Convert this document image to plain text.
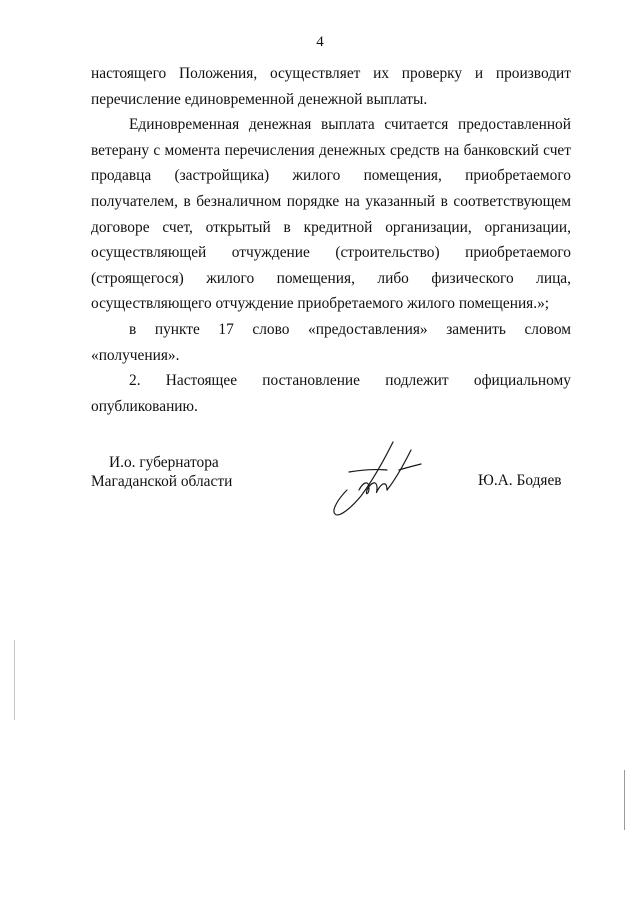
4

настоящего Положения, осуществляет их проверку и производит

перечисление единовременной денежной выплаты.

Единовременная денежная выплата считается предоставленной ветерану с момента перечисления денежных средств на банковский счет продавца (застройщика) жилого помещения, приобретаемого получателем, в безналичном порядке на указанный в соответствующем договоре счет, открытый в кредитной организации, организации, осуществляющей отчуждение (строительство) приобретаемого (строящегося) жилого помещения, либо физического лица, осуществляющего отчуждение приобретаемого жилого помещения.»;

в пункте 17 слово «предоставления» заменить словом «получения».

2. Настоящее постановление подлежит официальному опубликованию.

И.о. губернатора
Магаданской области	Ю.А. Бодяев
